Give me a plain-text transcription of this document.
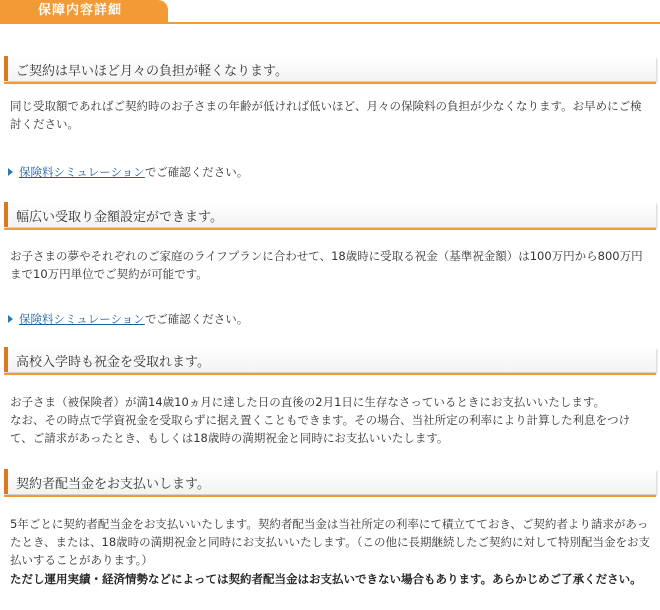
保障内容詳細
ご契約は早いほど月々の負担が軽くなります。

同じ受取額であればご契約時のお子さまの年齢が低ければ低いほど、月々の保険料の負担が少なくなります。お早めにご検討ください。

保険料シミュレーションでご確認ください。
幅広い受取り金額設定ができます。

お子さまの夢やそれぞれのご家庭のライフプランに合わせて、18歳時に受取る祝金（基準祝金額）は100万円から800万円まで10万円単位でご契約が可能です。

保険料シミュレーションでご確認ください。
高校入学時も祝金を受取れます。

お子さま（被保険者）が満14歳10ヵ月に達した日の直後の2月1日に生存なさっているときにお支払いいたします。

なお、その時点で学資祝金を受取らずに据え置くこともできます。その場合、当社所定の利率により計算した利息をつけて、ご請求があったとき、もしくは18歳時の満期祝金と同時にお支払いいたします。

契約者配当金をお支払いします。

5年ごとに契約者配当金をお支払いいたします。契約者配当金は当社所定の利率にて積立てておき、ご契約者より請求があったとき、または、18歳時の満期祝金と同時にお支払いいたします。（この他に長期継続したご契約に対して特別配当金をお支払いすることがあります。）

ただし運用実績・経済情勢などによっては契約者配当金はお支払いできない場合もあります。あらかじめご了承ください。
